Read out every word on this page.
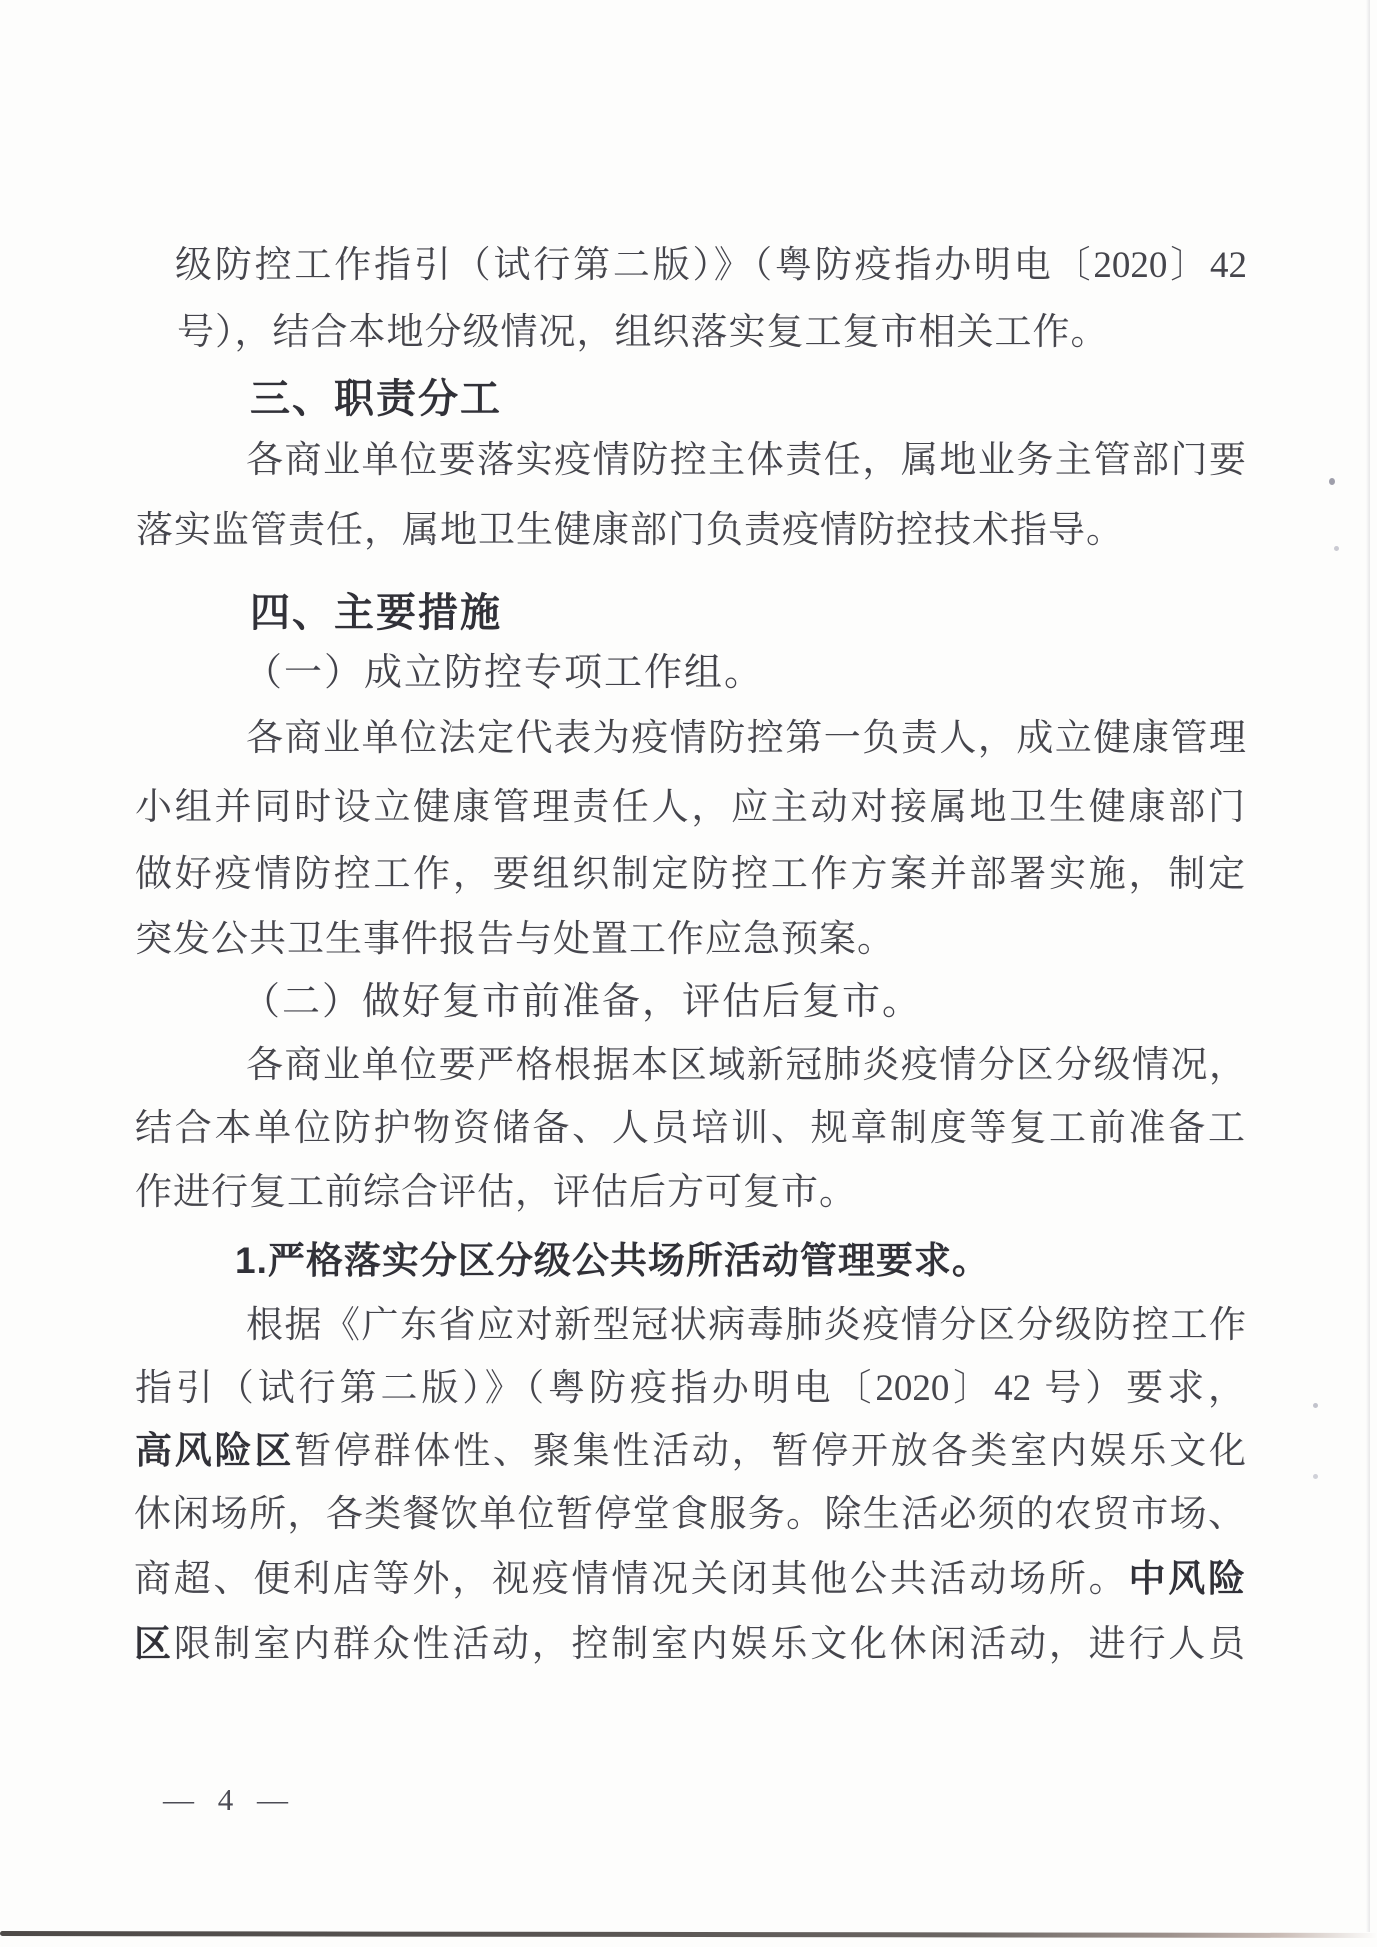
级防控工作指引（试行第二版）》（粤防疫指办明电〔2020〕42
号），结合本地分级情况，组织落实复工复市相关工作。
三、职责分工
各商业单位要落实疫情防控主体责任，属地业务主管部门要
落实监管责任，属地卫生健康部门负责疫情防控技术指导。
四、主要措施
（一）成立防控专项工作组。
各商业单位法定代表为疫情防控第一负责人，成立健康管理
小组并同时设立健康管理责任人，应主动对接属地卫生健康部门
做好疫情防控工作，要组织制定防控工作方案并部署实施，制定
突发公共卫生事件报告与处置工作应急预案。
（二）做好复市前准备，评估后复市。
各商业单位要严格根据本区域新冠肺炎疫情分区分级情况，
结合本单位防护物资储备、人员培训、规章制度等复工前准备工
作进行复工前综合评估，评估后方可复市。
1.严格落实分区分级公共场所活动管理要求。
根据《广东省应对新型冠状病毒肺炎疫情分区分级防控工作
指引（试行第二版）》（粤防疫指办明电〔2020〕42 号）要求，
高风险区暂停群体性、聚集性活动，暂停开放各类室内娱乐文化
休闲场所，各类餐饮单位暂停堂食服务。除生活必须的农贸市场、
商超、便利店等外，视疫情情况关闭其他公共活动场所。中风险
区限制室内群众性活动，控制室内娱乐文化休闲活动，进行人员
— 4 —
